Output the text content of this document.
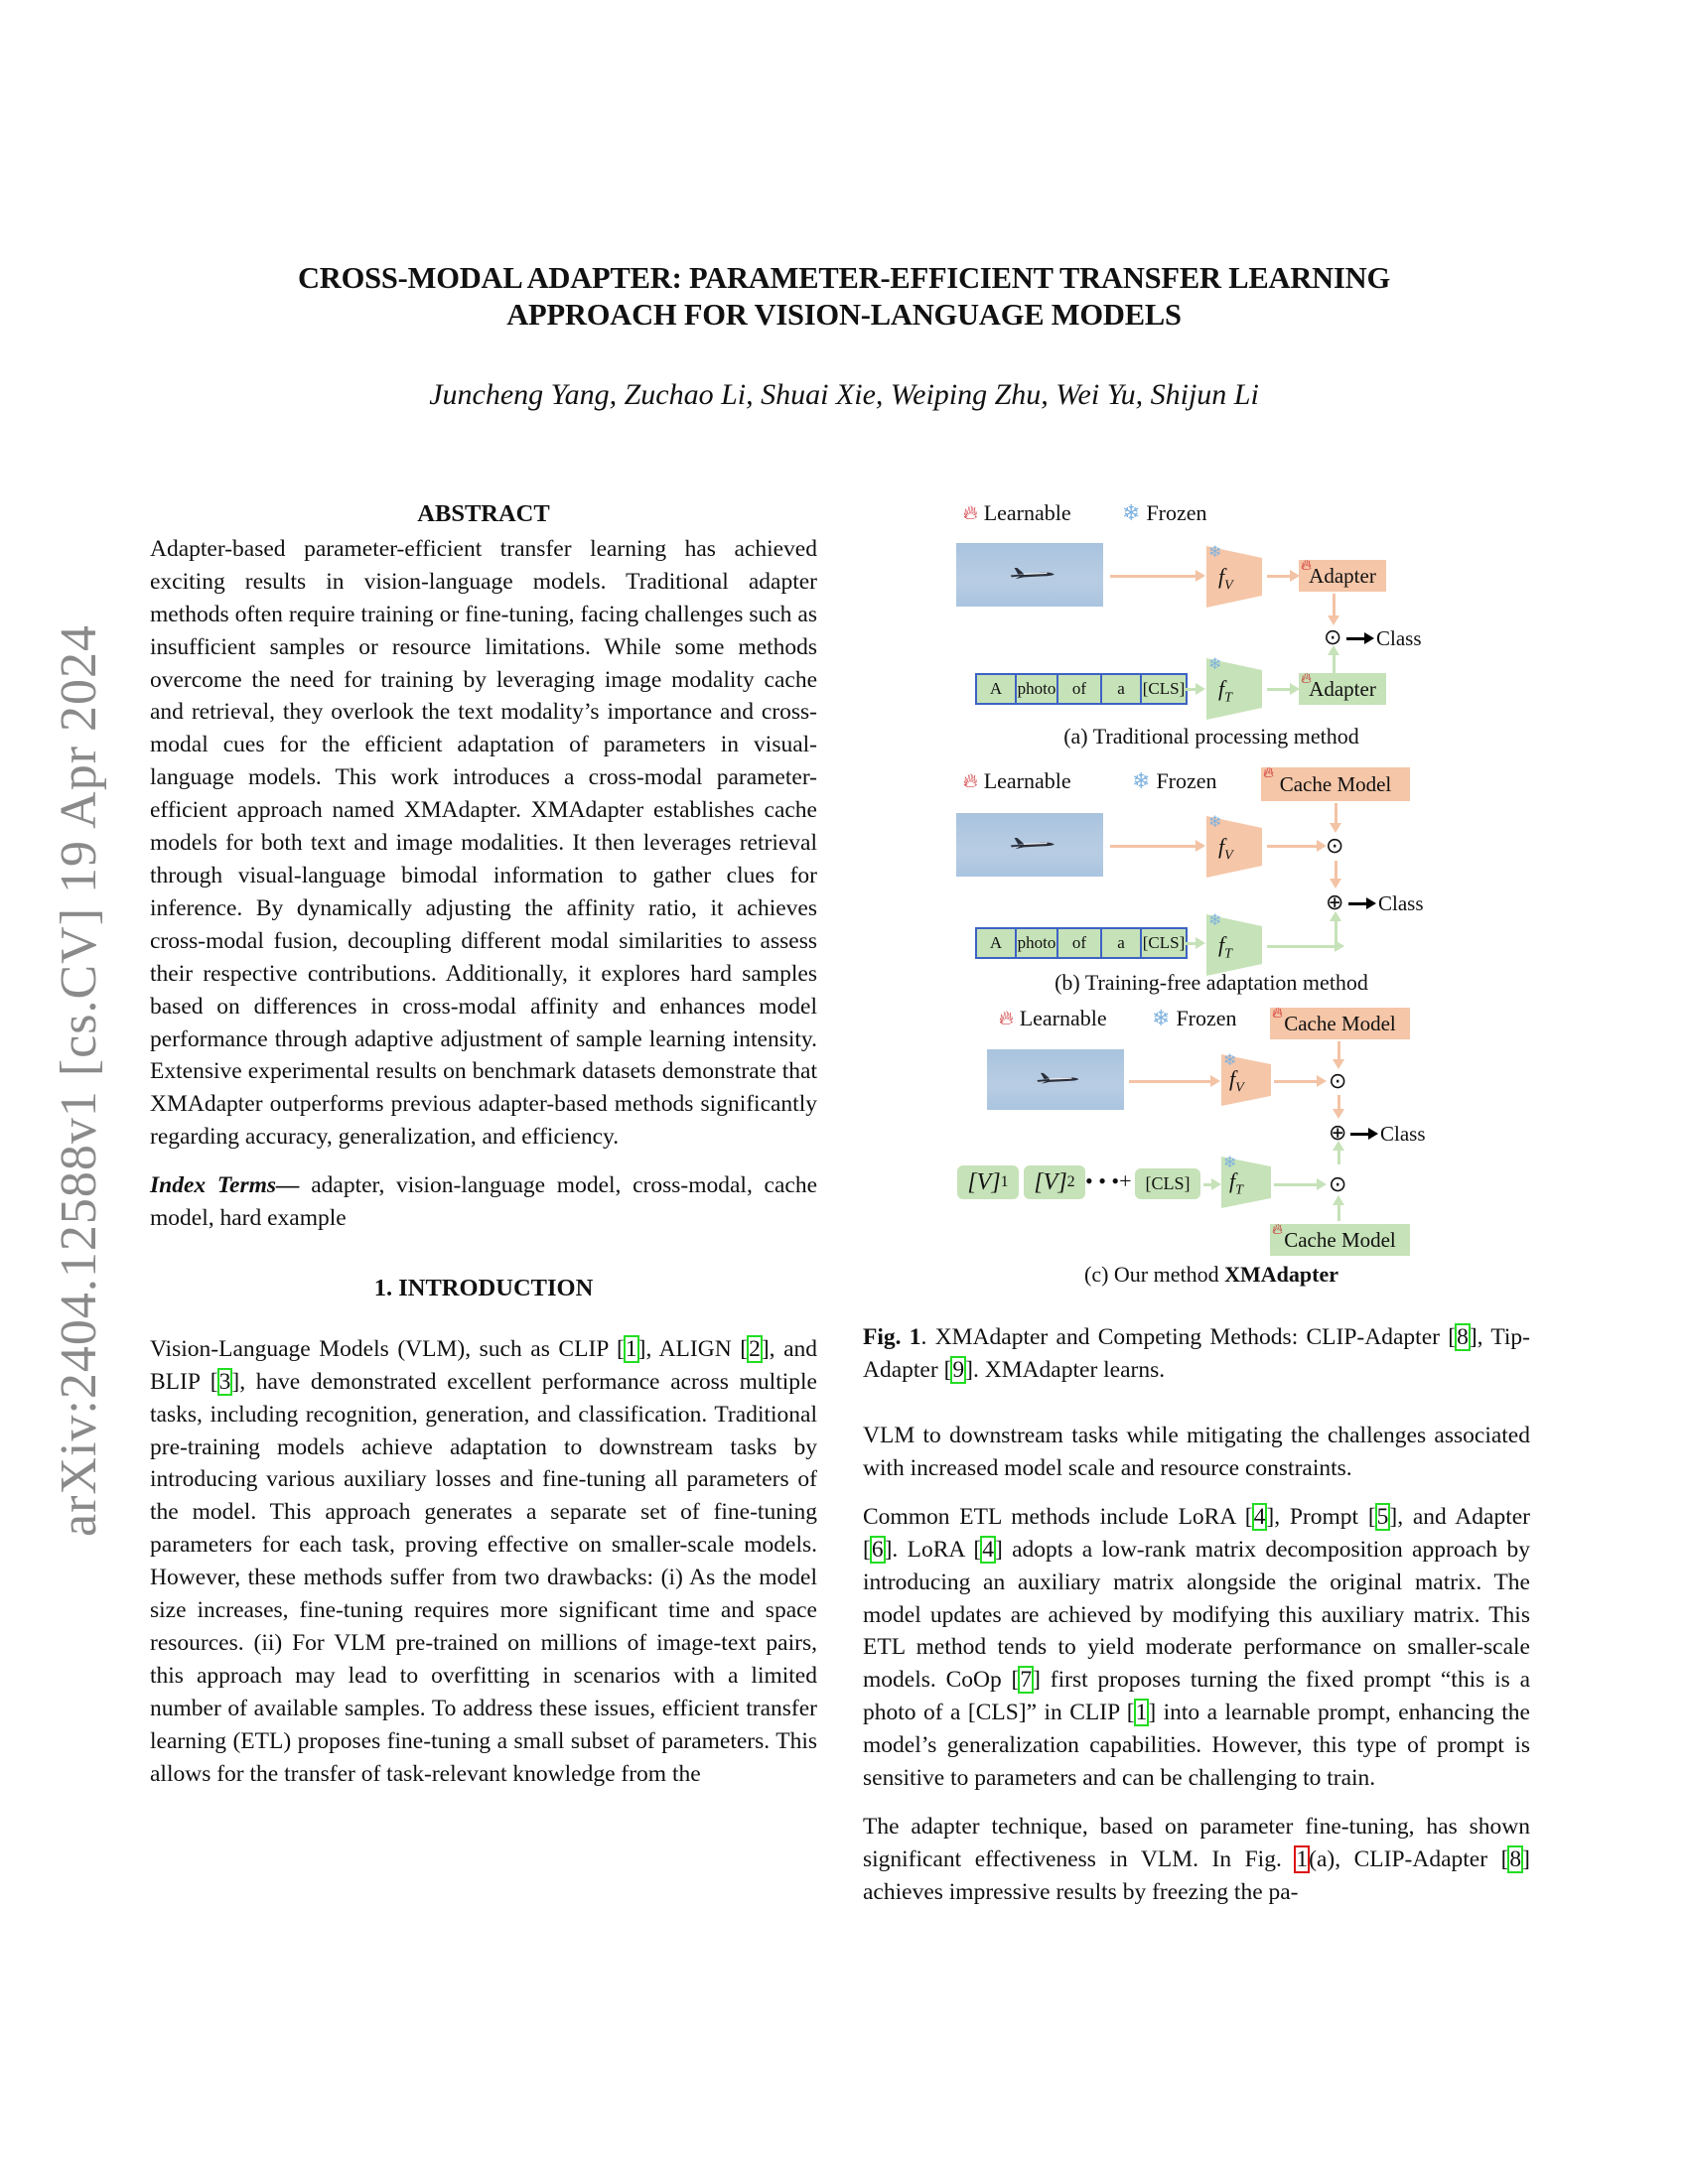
arXiv:2404.12588v1 [cs.CV] 19 Apr 2024
CROSS-MODAL ADAPTER: PARAMETER-EFFICIENT TRANSFER LEARNING
APPROACH FOR VISION-LANGUAGE MODELS
Juncheng Yang, Zuchao Li, Shuai Xie, Weiping Zhu, Wei Yu, Shijun Li
ABSTRACT

Adapter-based parameter-efficient transfer learning has achieved exciting results in vision-language models. Traditional adapter methods often require training or fine-tuning, facing challenges such as insufficient samples or resource limitations. While some methods overcome the need for training by leveraging image modality cache and retrieval, they overlook the text modality’s importance and cross-modal cues for the efficient adaptation of parameters in visual-language models. This work introduces a cross-modal parameter-efficient approach named XMAdapter. XMAdapter establishes cache models for both text and image modalities. It then leverages retrieval through visual-language bimodal information to gather clues for inference. By dynamically adjusting the affinity ratio, it achieves cross-modal fusion, decoupling different modal similarities to assess their respective contributions. Additionally, it explores hard samples based on differences in cross-modal affinity and enhances model performance through adaptive adjustment of sample learning intensity. Extensive experimental results on benchmark datasets demonstrate that XMAdapter outperforms previous adapter-based methods significantly regarding accuracy, generalization, and efficiency.

Index Terms— adapter, vision-language model, cross-modal, cache model, hard example

1. INTRODUCTION

Vision-Language Models (VLM), such as CLIP [1], ALIGN [2], and BLIP [3], have demonstrated excellent performance across multiple tasks, including recognition, generation, and classification. Traditional pre-training models achieve adaptation to downstream tasks by introducing various auxiliary losses and fine-tuning all parameters of the model. This approach generates a separate set of fine-tuning parameters for each task, proving effective on smaller-scale models. However, these methods suffer from two drawbacks: (i) As the model size increases, fine-tuning requires more significant time and space resources. (ii) For VLM pre-trained on millions of image-text pairs, this approach may lead to overfitting in scenarios with a limited number of available samples. To address these issues, efficient transfer learning (ETL) proposes fine-tuning a small subset of parameters. This allows for the transfer of task-relevant knowledge from the

🔥︎ Learnable ❄ Frozen
❄
$f_V$
🔥︎
Adapter
⊙ Class
A photo of	a	[CLS]
❄
$f_T$
🔥︎
Adapter
(a) Traditional processing method
🔥︎ Learnable	❄ Frozen	🔥︎ Cache Model
❄
$f_V$	⊙
⊕ Class
A photo of	a	[CLS]
❄
$f_T$
(b) Training-free adaptation method
🔥︎ Learnable ❄ Frozen 🔥︎ Cache Model
❄
$f_V$	⊙
⊕ Class
[V] 1 [V] 2 • • •+ [CLS]
❄
$f_T$	⊙
🔥︎ Cache Model
(c) Our method XMAdapter
Fig. 1. XMAdapter and Competing Methods: CLIP-Adapter [8], Tip-Adapter [9]. XMAdapter learns.

VLM to downstream tasks while mitigating the challenges associated with increased model scale and resource constraints.

Common ETL methods include LoRA [4], Prompt [5], and Adapter [6]. LoRA [4] adopts a low-rank matrix decomposition approach by introducing an auxiliary matrix alongside the original matrix. The model updates are achieved by modifying this auxiliary matrix. This ETL method tends to yield moderate performance on smaller-scale models. CoOp [7] first proposes turning the fixed prompt “this is a photo of a [CLS]” in CLIP [1] into a learnable prompt, enhancing the model’s generalization capabilities. However, this type of prompt is sensitive to parameters and can be challenging to train.

The adapter technique, based on parameter fine-tuning, has shown significant effectiveness in VLM. In Fig. 1(a), CLIP-Adapter [8] achieves impressive results by freezing the pa-
